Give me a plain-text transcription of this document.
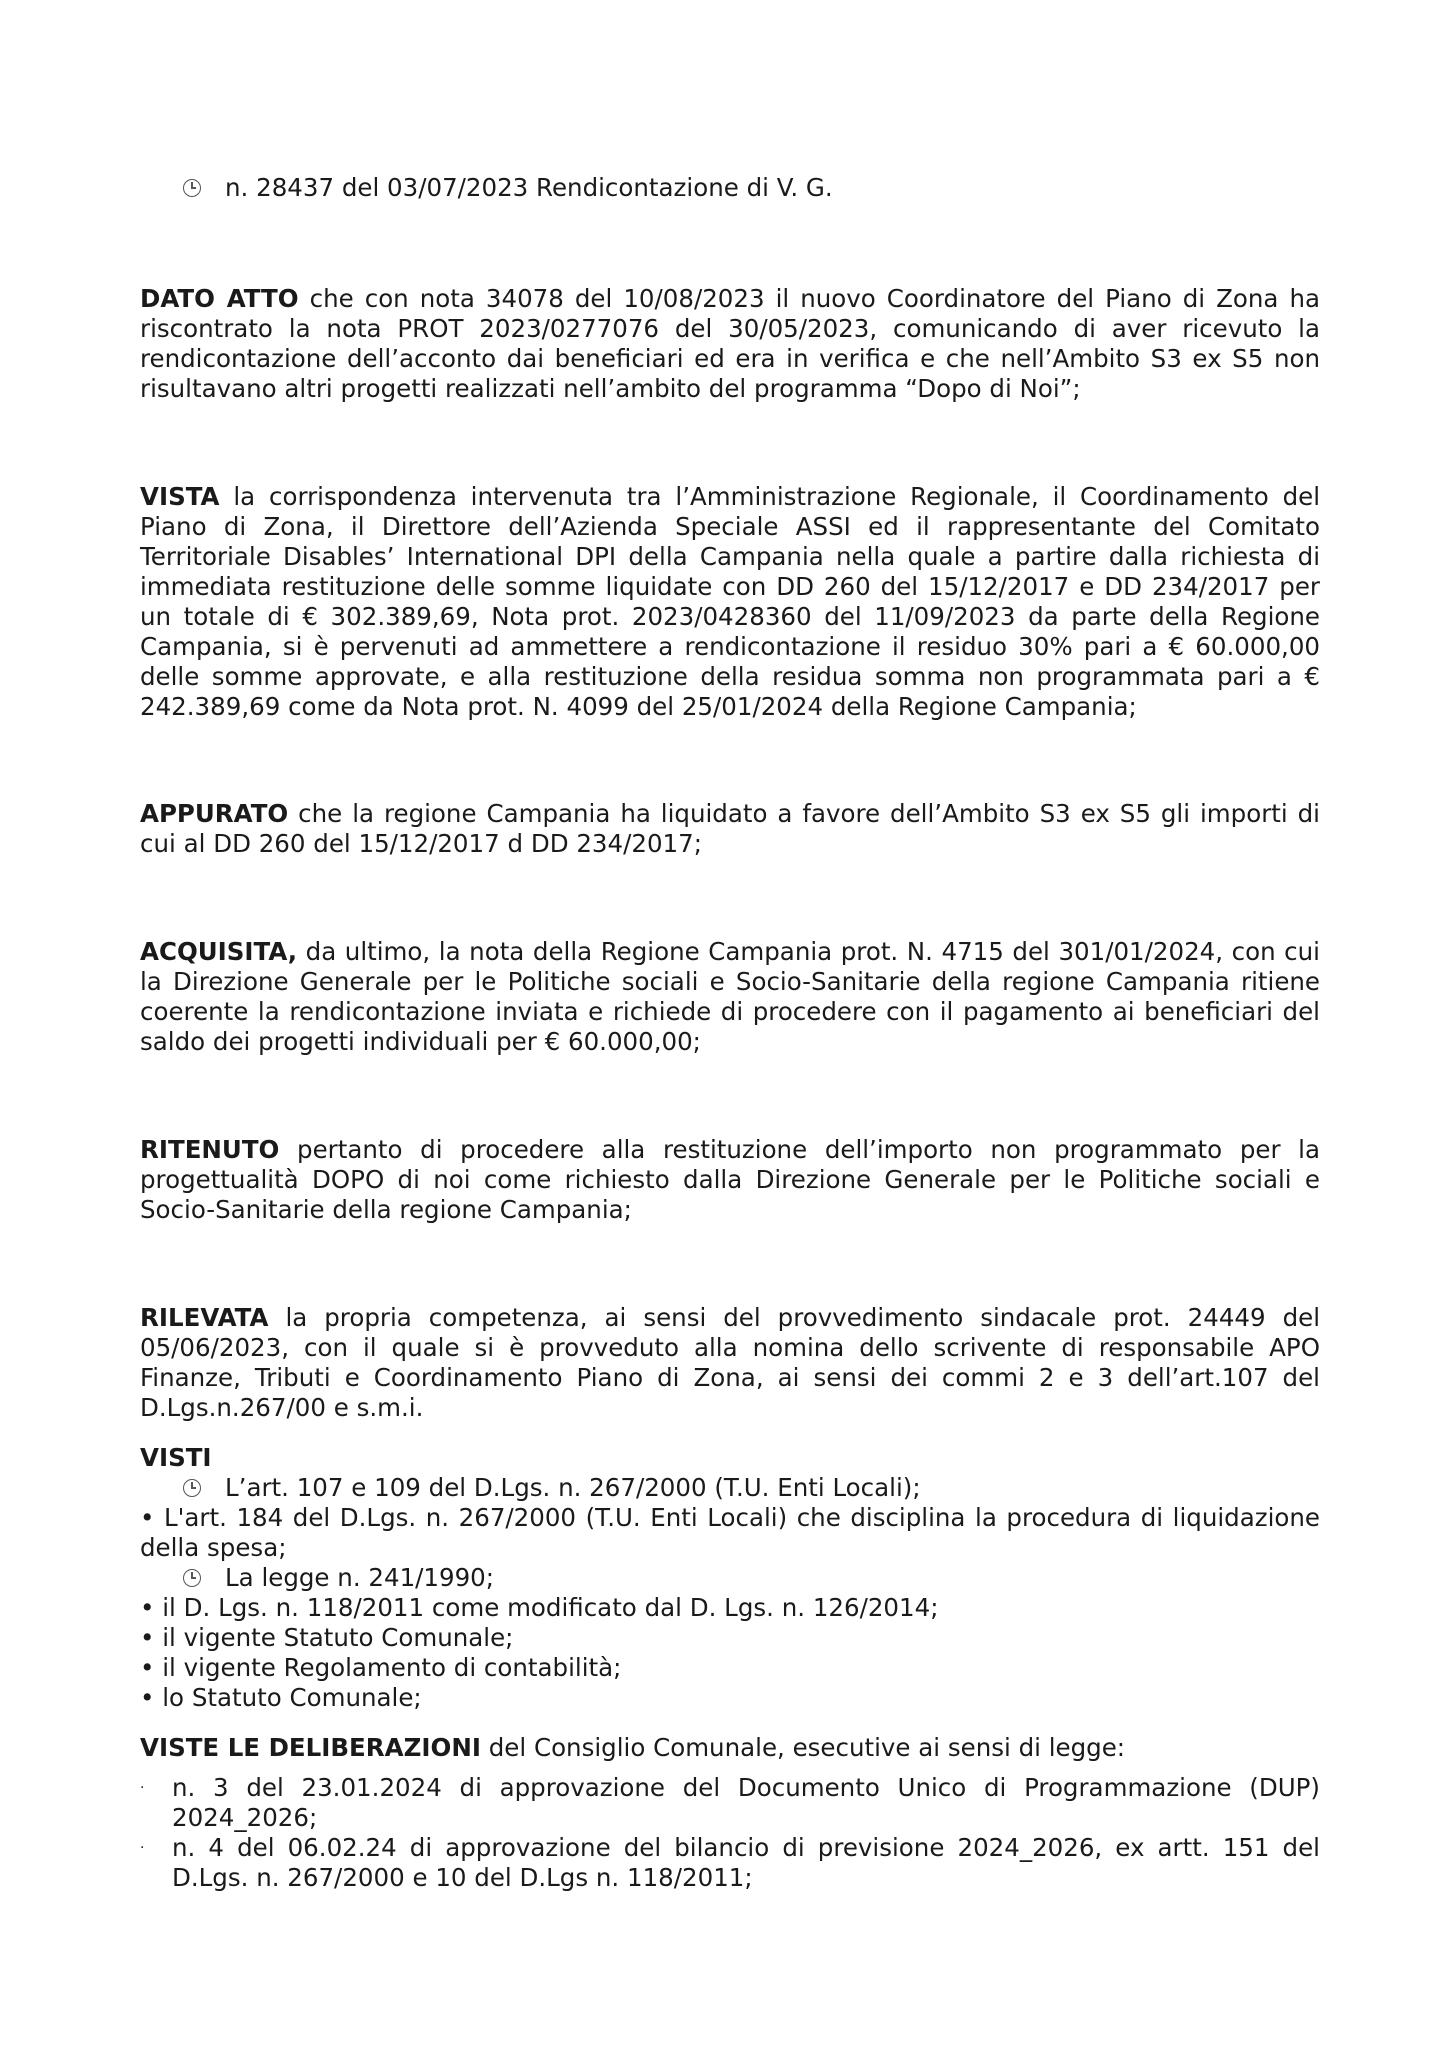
n. 28437 del 03/07/2023 Rendicontazione di V. G.

DATO ATTO che con nota 34078 del 10/08/2023 il nuovo Coordinatore del Piano di Zona ha riscontrato la nota PROT 2023/0277076 del 30/05/2023, comunicando di aver ricevuto la rendicontazione dell’acconto dai beneficiari ed era in verifica e che nell’Ambito S3 ex S5 non risultavano altri progetti realizzati nell’ambito del programma “Dopo di Noi”;

VISTA la corrispondenza intervenuta tra l’Amministrazione Regionale, il Coordinamento del Piano di Zona, il Direttore dell’Azienda Speciale ASSI ed il rappresentante del Comitato Territoriale Disables’ International DPI della Campania nella quale a partire dalla richiesta di immediata restituzione delle somme liquidate con DD 260 del 15/12/2017 e DD 234/2017 per un totale di € 302.389,69, Nota prot. 2023/0428360 del 11/09/2023 da parte della Regione Campania, si è pervenuti ad ammettere a rendicontazione il residuo 30% pari a € 60.000,00 delle somme approvate, e alla restituzione della residua somma non programmata pari a € 242.389,69 come da Nota prot. N. 4099 del 25/01/2024 della Regione Campania;

APPURATO che la regione Campania ha liquidato a favore dell’Ambito S3 ex S5 gli importi di cui al DD 260 del 15/12/2017 d DD 234/2017;

ACQUISITA, da ultimo, la nota della Regione Campania prot. N. 4715 del 301/01/2024, con cui la Direzione Generale per le Politiche sociali e Socio-Sanitarie della regione Campania ritiene coerente la rendicontazione inviata e richiede di procedere con il pagamento ai beneficiari del saldo dei progetti individuali per € 60.000,00;

RITENUTO pertanto di procedere alla restituzione dell’importo non programmato per la progettualità DOPO di noi come richiesto dalla Direzione Generale per le Politiche sociali e Socio-Sanitarie della regione Campania;

RILEVATA la propria competenza, ai sensi del provvedimento sindacale prot. 24449 del 05/06/2023, con il quale si è provveduto alla nomina dello scrivente di responsabile APO Finanze, Tributi e Coordinamento Piano di Zona, ai sensi dei commi 2 e 3 dell’art.107 del D.Lgs.n.267/00 e s.m.i.

VISTI
L’art. 107 e 109 del D.Lgs. n. 267/2000 (T.U. Enti Locali);

• L'art. 184 del D.Lgs. n. 267/2000 (T.U. Enti Locali) che disciplina la procedura di liquidazione della spesa;

La legge n. 241/1990;

• il D. Lgs. n. 118/2011 come modificato dal D. Lgs. n. 126/2014;

• il vigente Statuto Comunale;

• il vigente Regolamento di contabilità;

• lo Statuto Comunale;

VISTE LE DELIBERAZIONI del Consiglio Comunale, esecutive ai sensi di legge:

·	n. 3 del 23.01.2024 di approvazione del Documento Unico di Programmazione (DUP) 2024_2026;
·	n. 4 del 06.02.24 di approvazione del bilancio di previsione 2024_2026, ex artt. 151 del D.Lgs. n. 267/2000 e 10 del D.Lgs n. 118/2011;
